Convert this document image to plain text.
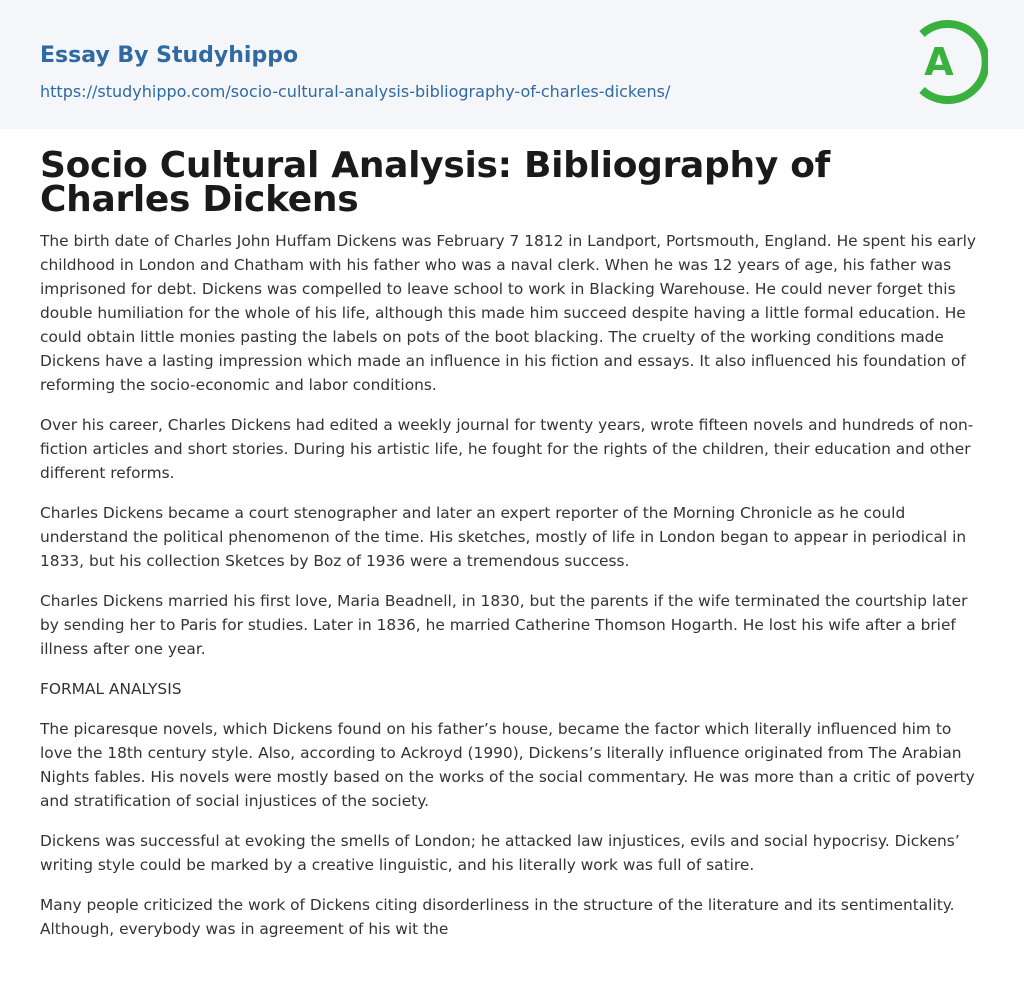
Essay By Studyhippo
https://studyhippo.com/socio-cultural-analysis-bibliography-of-charles-dickens/
A
Socio Cultural Analysis: Bibliography of Charles Dickens

The birth date of Charles John Huffam Dickens was February 7 1812 in Landport, Portsmouth, England. He spent his early childhood in London and Chatham with his father who was a naval clerk. When he was 12 years of age, his father was imprisoned for debt. Dickens was compelled to leave school to work in Blacking Warehouse. He could never forget this double humiliation for the whole of his life, although this made him succeed despite having a little formal education. He could obtain little monies pasting the labels on pots of the boot blacking. The cruelty of the working conditions made Dickens have a lasting impression which made an influence in his fiction and essays. It also influenced his foundation of reforming the socio-economic and labor conditions.

Over his career, Charles Dickens had edited a weekly journal for twenty years, wrote fifteen novels and hundreds of non-fiction articles and short stories. During his artistic life, he fought for the rights of the children, their education and other different reforms.

Charles Dickens became a court stenographer and later an expert reporter of the Morning Chronicle as he could understand the political phenomenon of the time. His sketches, mostly of life in London began to appear in periodical in 1833, but his collection Sketces by Boz of 1936 were a tremendous success.

Charles Dickens married his first love, Maria Beadnell, in 1830, but the parents if the wife terminated the courtship later by sending her to Paris for studies. Later in 1836, he married Catherine Thomson Hogarth. He lost his wife after a brief illness after one year.

FORMAL ANALYSIS

The picaresque novels, which Dickens found on his father’s house, became the factor which literally influenced him to love the 18th century style. Also, according to Ackroyd (1990), Dickens’s literally influence originated from The Arabian Nights fables. His novels were mostly based on the works of the social commentary. He was more than a critic of poverty and stratification of social injustices of the society.

Dickens was successful at evoking the smells of London; he attacked law injustices, evils and social hypocrisy. Dickens’ writing style could be marked by a creative linguistic, and his literally work was full of satire.

Many people criticized the work of Dickens citing disorderliness in the structure of the literature and its sentimentality. Although, everybody was in agreement of his wit the
